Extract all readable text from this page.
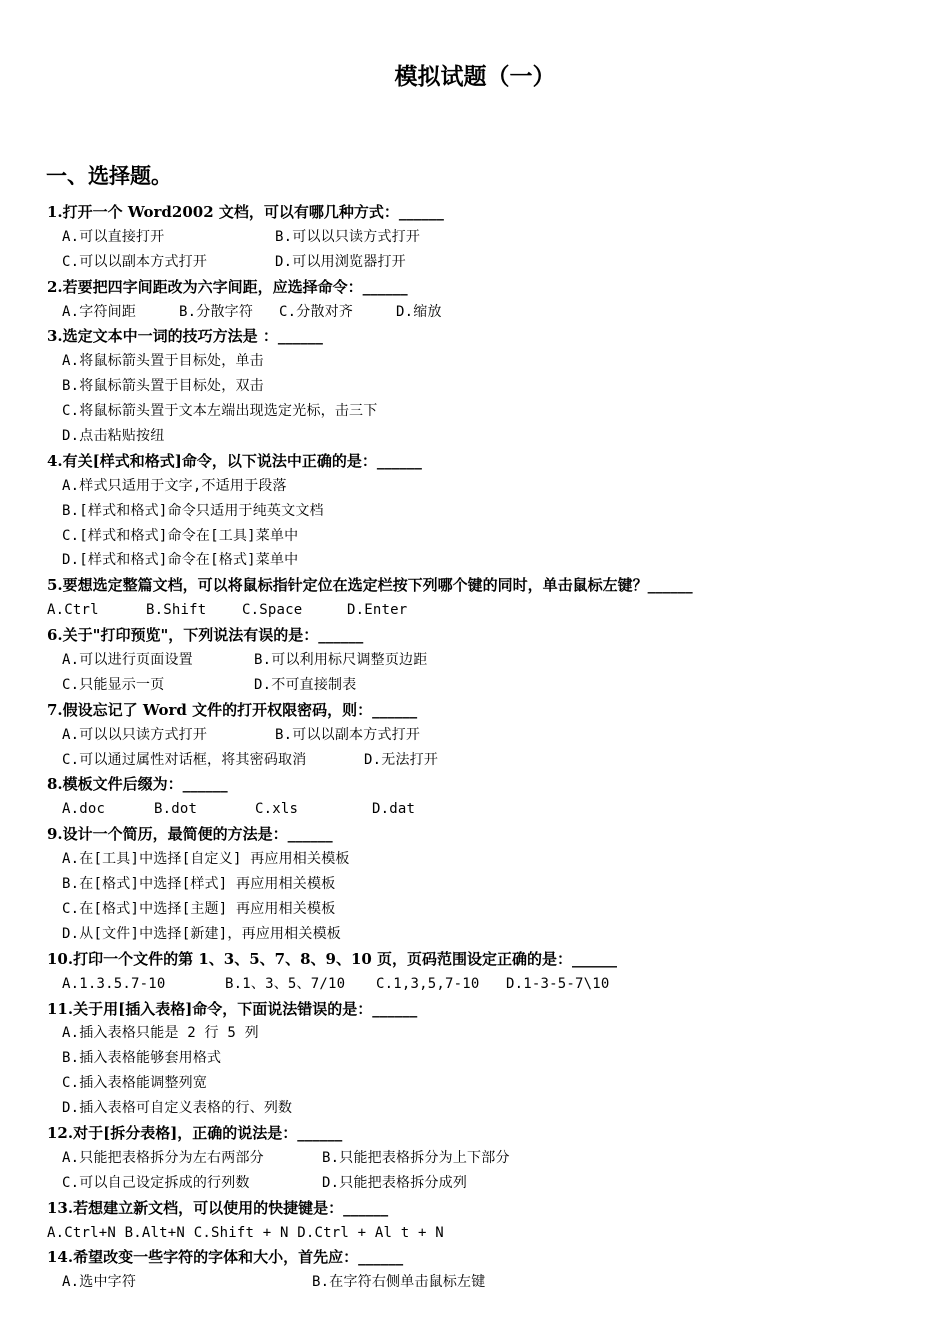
模拟试题（一）
一、选择题。
1.打开一个 Word2002 文档，可以有哪几种方式：______
A.可以直接打开	B.可以以只读方式打开
C.可以以副本方式打开	D.可以用浏览器打开
2.若要把四字间距改为六字间距，应选择命令：______
A.字符间距	B.分散字符 C.分散对齐	D.缩放
3.选定文本中一词的技巧方法是 ：______
A.将鼠标箭头置于目标处，单击
B.将鼠标箭头置于目标处，双击
C.将鼠标箭头置于文本左端出现选定光标，击三下
D.点击粘贴按纽
4.有关[样式和格式]命令，以下说法中正确的是：______
A.样式只适用于文字,不适用于段落
B.[样式和格式]命令只适用于纯英文文档
C.[样式和格式]命令在[工具]菜单中
D.[样式和格式]命令在[格式]菜单中
5.要想选定整篇文档，可以将鼠标指针定位在选定栏按下列哪个键的同时，单击鼠标左键？______
A.Ctrl	B.Shift	C.Space	D.Enter
6.关于"打印预览"，下列说法有误的是：______
A.可以进行页面设置	B.可以利用标尺调整页边距
C.只能显示一页	D.不可直接制表
7.假设忘记了 Word 文件的打开权限密码，则：______
A.可以以只读方式打开	B.可以以副本方式打开
C.可以通过属性对话框，将其密码取消	D.无法打开
8.模板文件后缀为：______
A.doc	B.dot	C.xls	D.dat
9.设计一个简历，最简便的方法是：______
A.在[工具]中选择[自定义] 再应用相关模板
B.在[格式]中选择[样式] 再应用相关模板
C.在[格式]中选择[主题] 再应用相关模板
D.从[文件]中选择[新建]，再应用相关模板
10.打印一个文件的第 1、3、5、7、8、9、10 页，页码范围设定正确的是：______
A.1.3.5.7-10	B.1、3、5、7/10 C.1,3,5,7-10 D.1-3-5-7\10
11.关于用[插入表格]命令，下面说法错误的是：______
A.插入表格只能是 2 行 5 列
B.插入表格能够套用格式
C.插入表格能调整列宽
D.插入表格可自定义表格的行、列数
12.对于[拆分表格]，正确的说法是：______
A.只能把表格拆分为左右两部分	B.只能把表格拆分为上下部分
C.可以自己设定拆成的行列数	D.只能把表格拆分成列
13.若想建立新文档，可以使用的快捷键是：______
A.Ctrl+N B.Alt+N C.Shift + N D.Ctrl + Al t + N
14.希望改变一些字符的字体和大小，首先应：______
A.选中字符	B.在字符右侧单击鼠标左键
